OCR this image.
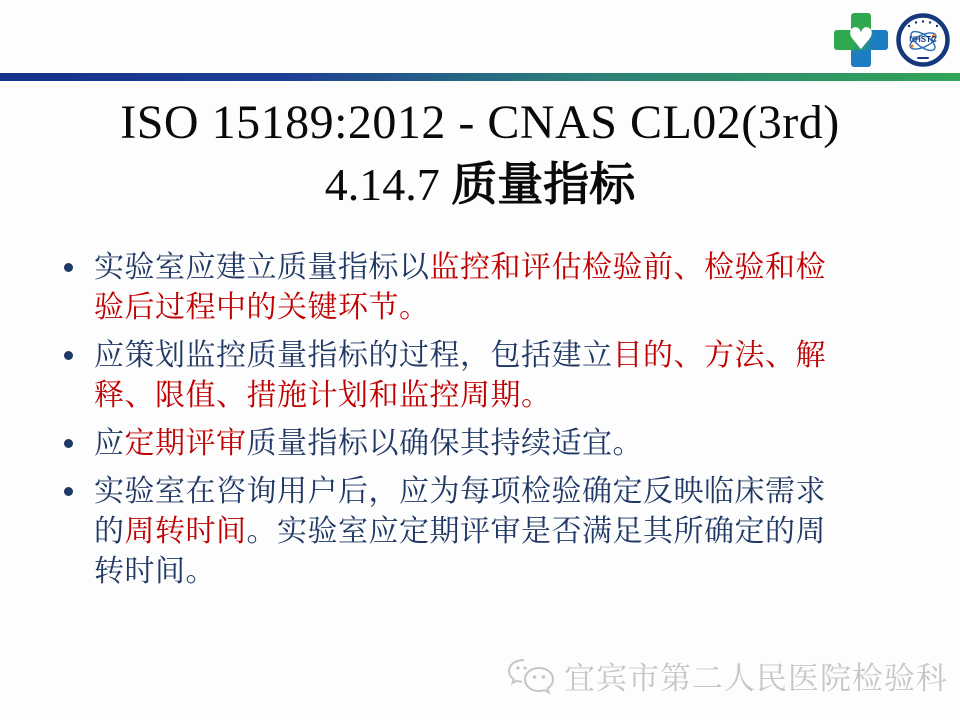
♥	UHSTC
ISO 15189:2012 - CNAS CL02(3rd)
4.14.7 质量指标
实验室应建立质量指标以监控和评估检验前、检验和检验后过程中的关键环节。
应策划监控质量指标的过程，包括建立目的、方法、解释、限值、措施计划和监控周期。
应定期评审质量指标以确保其持续适宜。
实验室在咨询用户后，应为每项检验确定反映临床需求的周转时间。实验室应定期评审是否满足其所确定的周转时间。
宜宾市第二人民医院检验科
